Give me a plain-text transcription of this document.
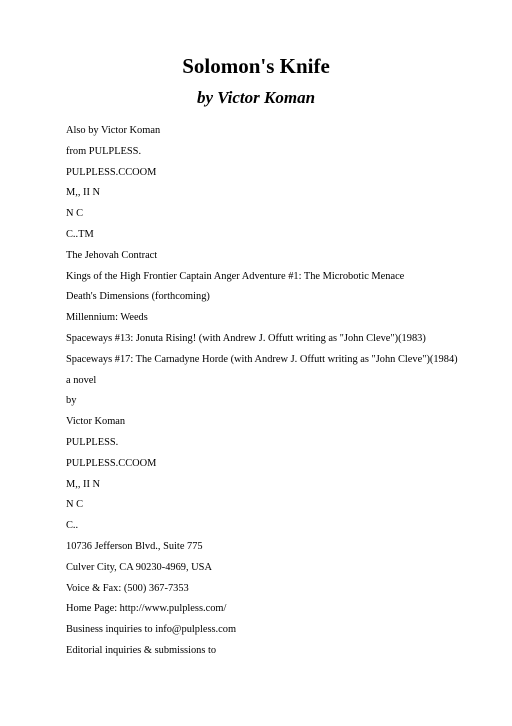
Solomon's Knife
by Victor Koman
Also by Victor Koman
from PULPLESS.
PULPLESS.CCOOM
M,, II N
N C
C..TM
The Jehovah Contract
Kings of the High Frontier Captain Anger Adventure #1: The Microbotic Menace
Death's Dimensions (forthcoming)
Millennium: Weeds
Spaceways #13: Jonuta Rising! (with Andrew J. Offutt writing as "John Cleve")(1983)
Spaceways #17: The Carnadyne Horde (with Andrew J. Offutt writing as "John Cleve")(1984)
a novel
by
Victor Koman
PULPLESS.
PULPLESS.CCOOM
M,, II N
N C
C..
10736 Jefferson Blvd., Suite 775
Culver City, CA 90230-4969, USA
Voice & Fax: (500) 367-7353
Home Page: http://www.pulpless.com/
Business inquiries to info@pulpless.com
Editorial inquiries & submissions to
